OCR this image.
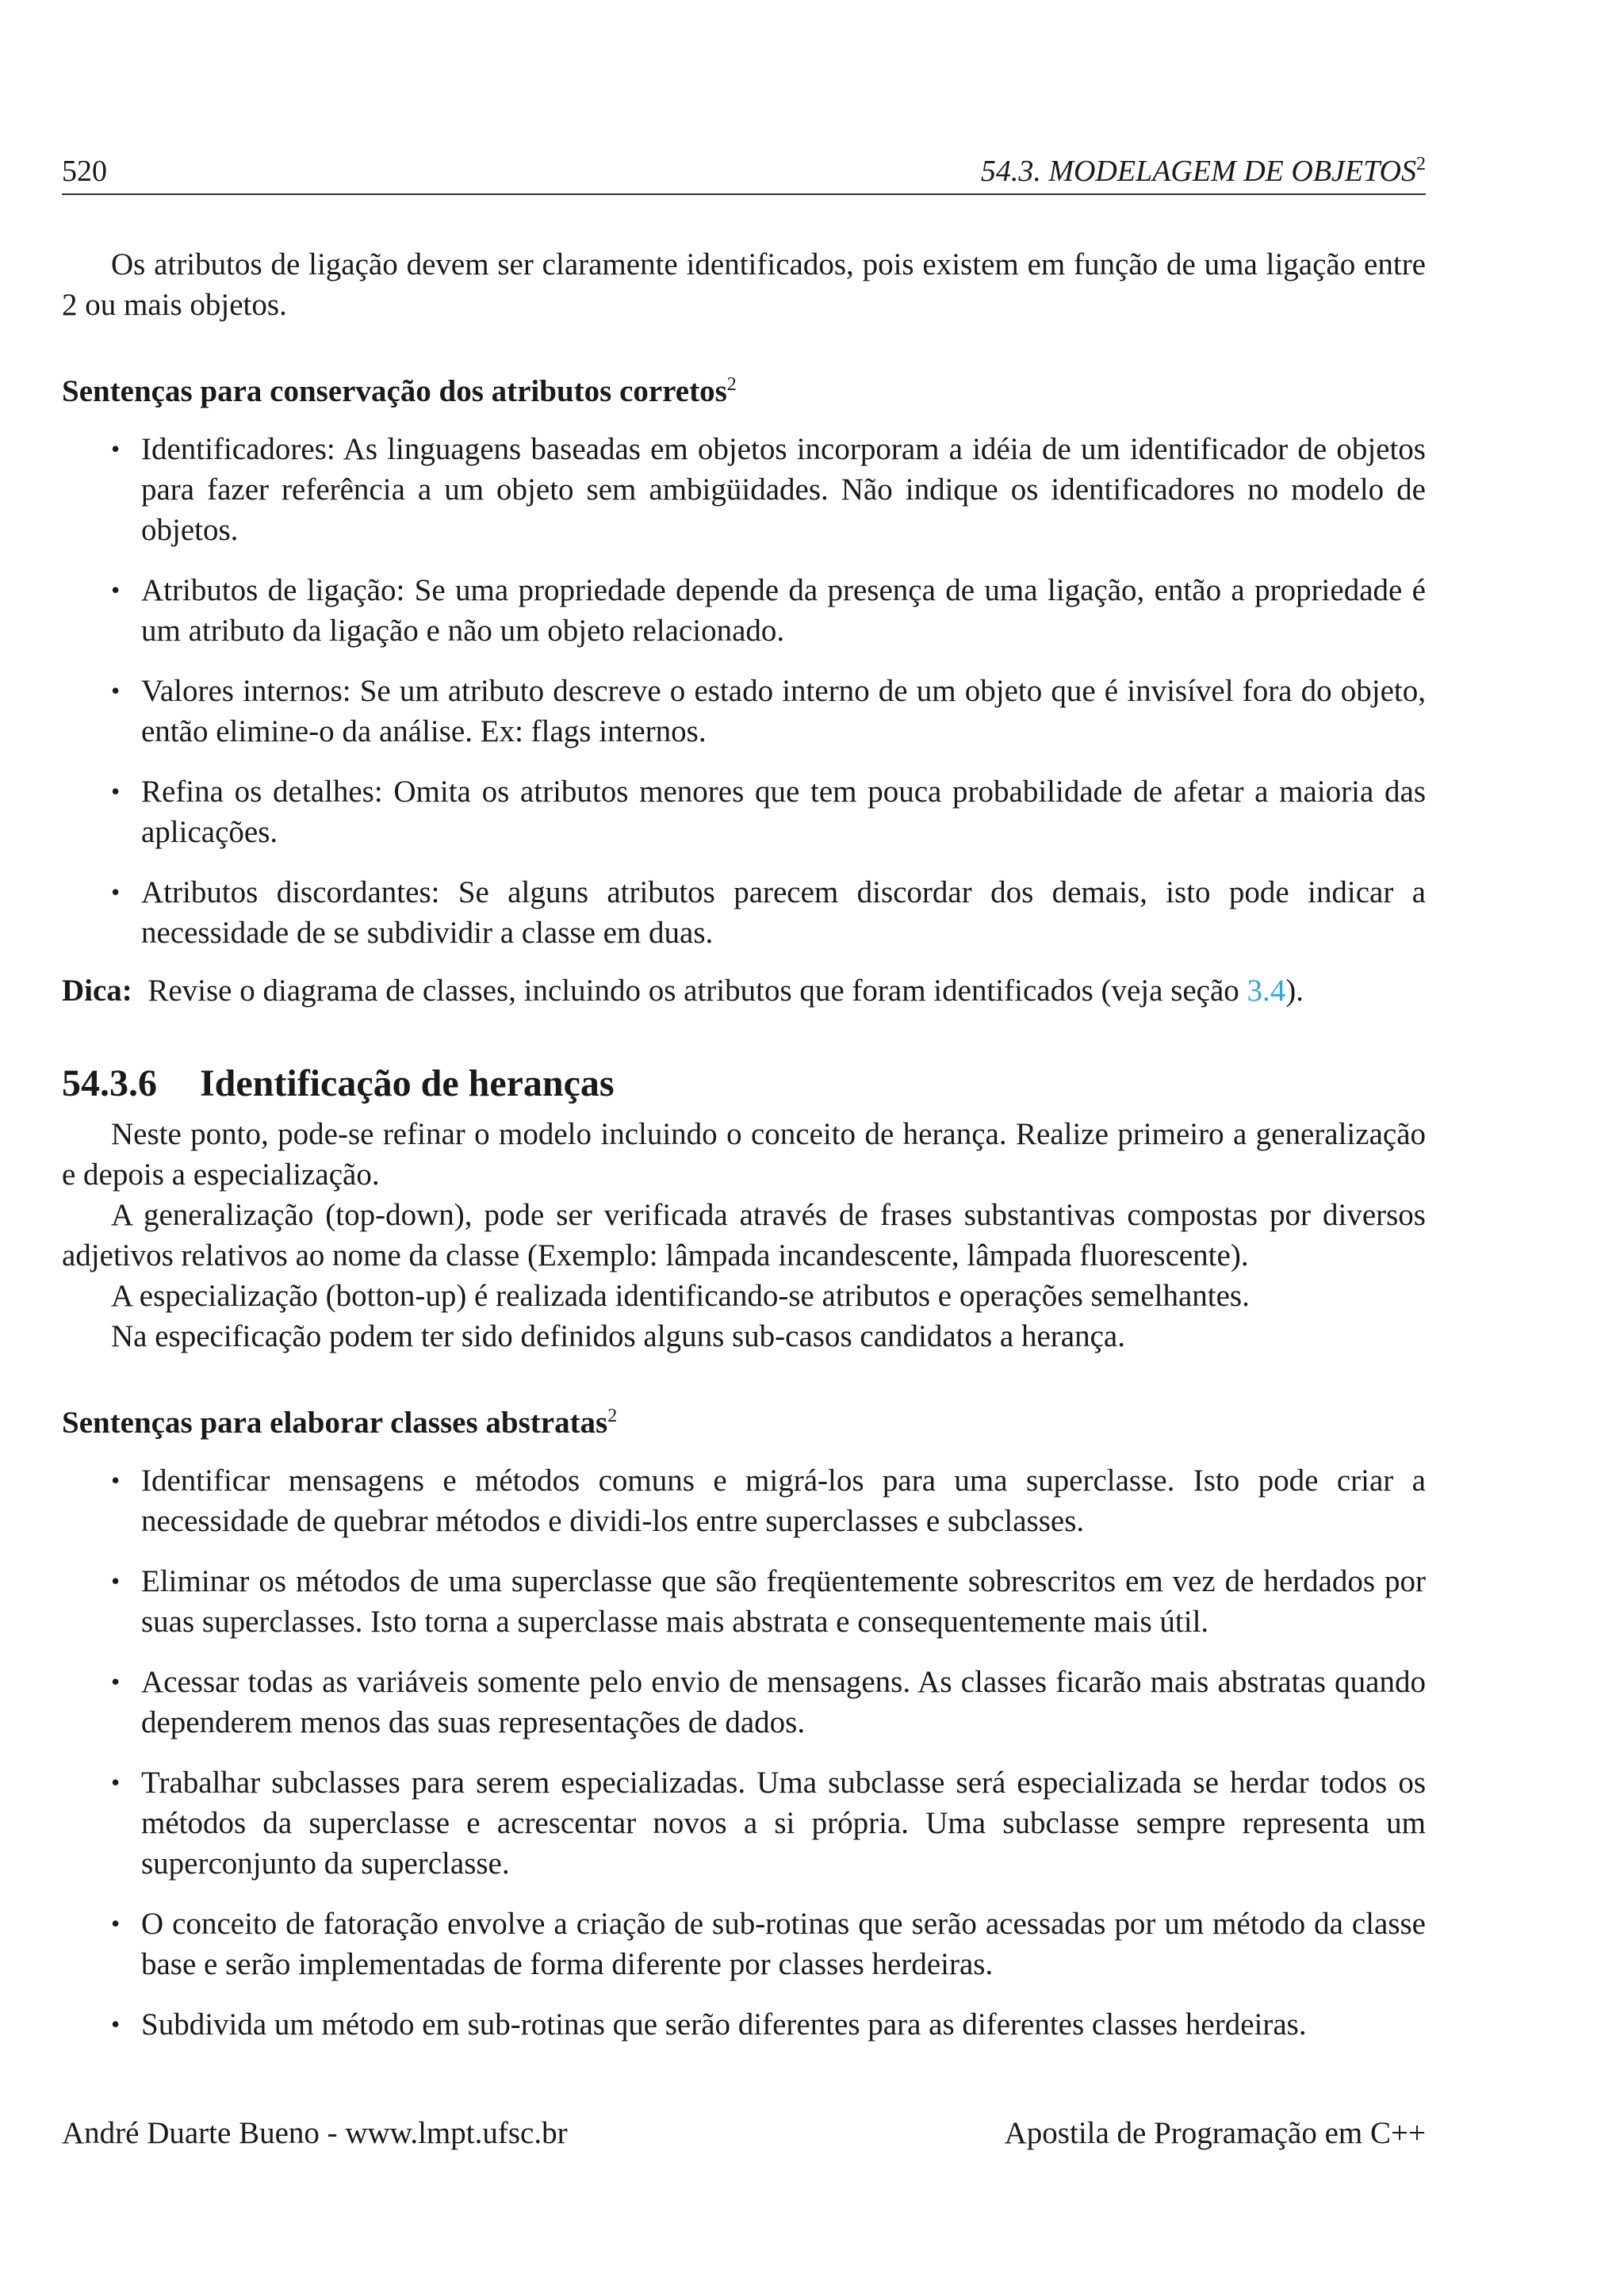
520	54.3. MODELAGEM DE OBJETOS$^2$

Os atributos de ligação devem ser claramente identificados, pois existem em função de uma ligação entre 2 ou mais objetos.

Sentenças para conservação dos atributos corretos$^2$
• Identificadores: As linguagens baseadas em objetos incorporam a idéia de um identificador de objetos para fazer referência a um objeto sem ambigüidades. Não indique os identificadores no modelo de objetos.
• Atributos de ligação: Se uma propriedade depende da presença de uma ligação, então a propriedade é um atributo da ligação e não um objeto relacionado.
• Valores internos: Se um atributo descreve o estado interno de um objeto que é invisível fora do objeto, então elimine-o da análise. Ex: flags internos.
• Refina os detalhes: Omita os atributos menores que tem pouca probabilidade de afetar a maioria das aplicações.
• Atributos discordantes: Se alguns atributos parecem discordar dos demais, isto pode indicar a necessidade de se subdividir a classe em duas.
Dica: Revise o diagrama de classes, incluindo os atributos que foram identificados (veja seção 3.4).
54.3.6 Identificação de heranças

Neste ponto, pode-se refinar o modelo incluindo o conceito de herança. Realize primeiro a generalização e depois a especialização.

A generalização (top-down), pode ser verificada através de frases substantivas compostas por diversos adjetivos relativos ao nome da classe (Exemplo: lâmpada incandescente, lâmpada fluorescente).

A especialização (botton-up) é realizada identificando-se atributos e operações semelhantes.

Na especificação podem ter sido definidos alguns sub-casos candidatos a herança.

Sentenças para elaborar classes abstratas$^2$
• Identificar mensagens e métodos comuns e migrá-los para uma superclasse. Isto pode criar a necessidade de quebrar métodos e dividi-los entre superclasses e subclasses.
• Eliminar os métodos de uma superclasse que são freqüentemente sobrescritos em vez de herdados por suas superclasses. Isto torna a superclasse mais abstrata e consequentemente mais útil.
• Acessar todas as variáveis somente pelo envio de mensagens. As classes ficarão mais abstratas quando dependerem menos das suas representações de dados.
• Trabalhar subclasses para serem especializadas. Uma subclasse será especializada se herdar todos os métodos da superclasse e acrescentar novos a si própria. Uma subclasse sempre representa um superconjunto da superclasse.
• O conceito de fatoração envolve a criação de sub-rotinas que serão acessadas por um método da classe base e serão implementadas de forma diferente por classes herdeiras.
• Subdivida um método em sub-rotinas que serão diferentes para as diferentes classes herdeiras.
André Duarte Bueno - www.lmpt.ufsc.br	Apostila de Programação em C++
